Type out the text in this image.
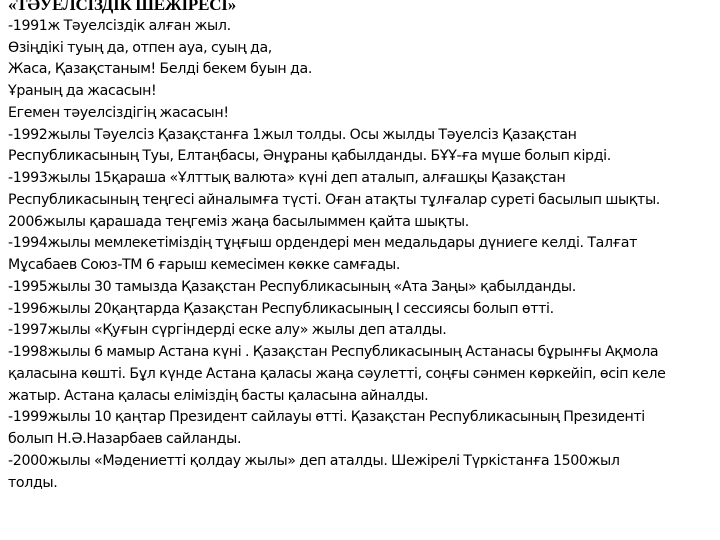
«ТӘУЕЛСІЗДІК ШЕЖІРЕСІ»
-1991ж Тәуелсіздік алған жыл.
Өзіңдікі туың да, отпен ауа, суың да,
Жаса, Қазақстаным! Белді бекем буын да.
Ұраның да жасасын!
Егемен тәуелсіздігің жасасын!
-1992жылы Тәуелсіз Қазақстанға 1жыл толды. Осы жылды Тәуелсіз Қазақстан
Республикасының Туы, Елтаңбасы, Әнұраны қабылданды. БҰҰ-ға мүше болып кірді.
-1993жылы 15қараша «Ұлттық валюта» күні деп аталып, алғашқы Қазақстан
Республикасының теңгесі айналымға түсті. Оған атақты тұлғалар суреті басылып шықты.
2006жылы қарашада теңгеміз жаңа басылыммен қайта шықты.
-1994жылы мемлекетіміздің тұңғыш ордендері мен медальдары дүниеге келді. Талғат
Мұсабаев Союз-ТМ 6 ғарыш кемесімен көкке самғады.
-1995жылы 30 тамызда Қазақстан Республикасының «Ата Заңы» қабылданды.
-1996жылы 20қаңтарда Қазақстан Республикасының І сессиясы болып өтті.
-1997жылы «Қуғын сүргіндерді еске алу» жылы деп аталды.
-1998жылы 6 мамыр Астана күні . Қазақстан Республикасының Астанасы бұрынғы Ақмола
қаласына көшті. Бұл күнде Астана қаласы жаңа сәулетті, соңғы сәнмен көркейіп, өсіп келе
жатыр. Астана қаласы еліміздің басты қаласына айналды.
-1999жылы 10 қаңтар Президент сайлауы өтті. Қазақстан Республикасының Президенті
болып Н.Ә.Назарбаев сайланды.
-2000жылы «Мәдениетті қолдау жылы» деп аталды. Шежірелі Түркістанға 1500жыл
толды.
